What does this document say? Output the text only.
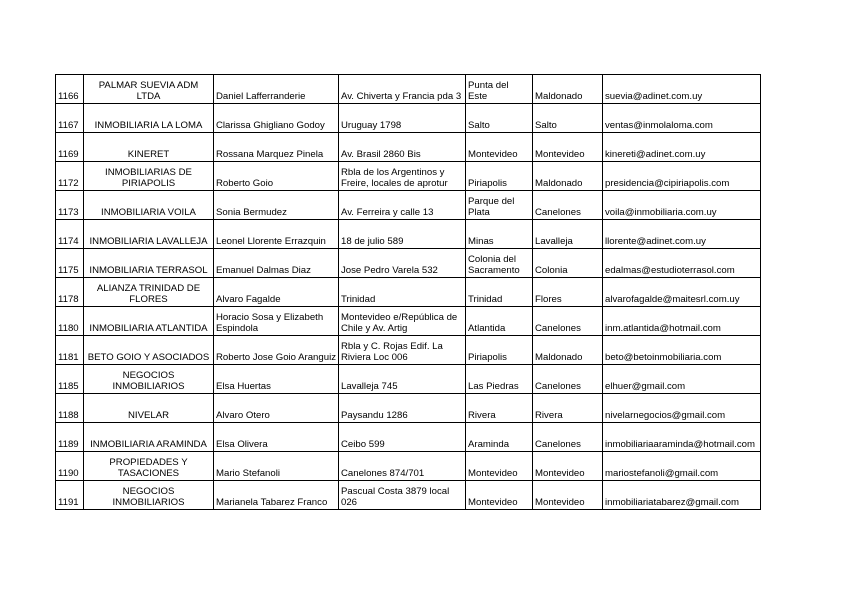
1166	PALMAR SUEVIA ADM LTDA	Daniel Lafferranderie	Av. Chiverta y Francia pda 3	Punta del Este	Maldonado	suevia@adinet.com.uy
1167	INMOBILIARIA LA LOMA	Clarissa Ghigliano Godoy	Uruguay 1798	Salto	Salto	ventas@inmolaloma.com
1169	KINERET	Rossana Marquez Pinela	Av. Brasil 2860 Bis	Montevideo	Montevideo	kinereti@adinet.com.uy
1172	INMOBILIARIAS DE PIRIAPOLIS	Roberto Goio	Rbla de los Argentinos y Freire, locales de aprotur	Piriapolis	Maldonado	presidencia@cipiriapolis.com
1173	INMOBILIARIA VOILA	Sonia Bermudez	Av. Ferreira y calle 13	Parque del Plata	Canelones	voila@inmobiliaria.com.uy
1174	INMOBILIARIA LAVALLEJA	Leonel Llorente Errazquin	18 de julio 589	Minas	Lavalleja	llorente@adinet.com.uy
1175	INMOBILIARIA TERRASOL	Emanuel Dalmas Diaz	Jose Pedro Varela 532	Colonia del Sacramento	Colonia	edalmas@estudioterrasol.com
1178	ALIANZA TRINIDAD DE FLORES	Alvaro Fagalde	Trinidad	Trinidad	Flores	alvarofagalde@maitesrl.com.uy
1180	INMOBILIARIA ATLANTIDA	Horacio Sosa y Elizabeth Espindola	Montevideo e/República de Chile y Av. Artig	Atlantida	Canelones	inm.atlantida@hotmail.com
1181	BETO GOIO Y ASOCIADOS	Roberto Jose Goio Aranguiz	Rbla y C. Rojas Edif. La Riviera Loc 006	Piriapolis	Maldonado	beto@betoinmobiliaria.com
1185	NEGOCIOS INMOBILIARIOS	Elsa Huertas	Lavalleja 745	Las Piedras	Canelones	elhuer@gmail.com
1188	NIVELAR	Alvaro Otero	Paysandu 1286	Rivera	Rivera	nivelarnegocios@gmail.com
1189	INMOBILIARIA ARAMINDA	Elsa Olivera	Ceibo 599	Araminda	Canelones	inmobiliariaaraminda@hotmail.com
1190	PROPIEDADES Y TASACIONES	Mario Stefanoli	Canelones 874/701	Montevideo	Montevideo	mariostefanoli@gmail.com
1191	NEGOCIOS INMOBILIARIOS	Marianela Tabarez Franco	Pascual Costa 3879 local 026	Montevideo	Montevideo	inmobiliariatabarez@gmail.com
